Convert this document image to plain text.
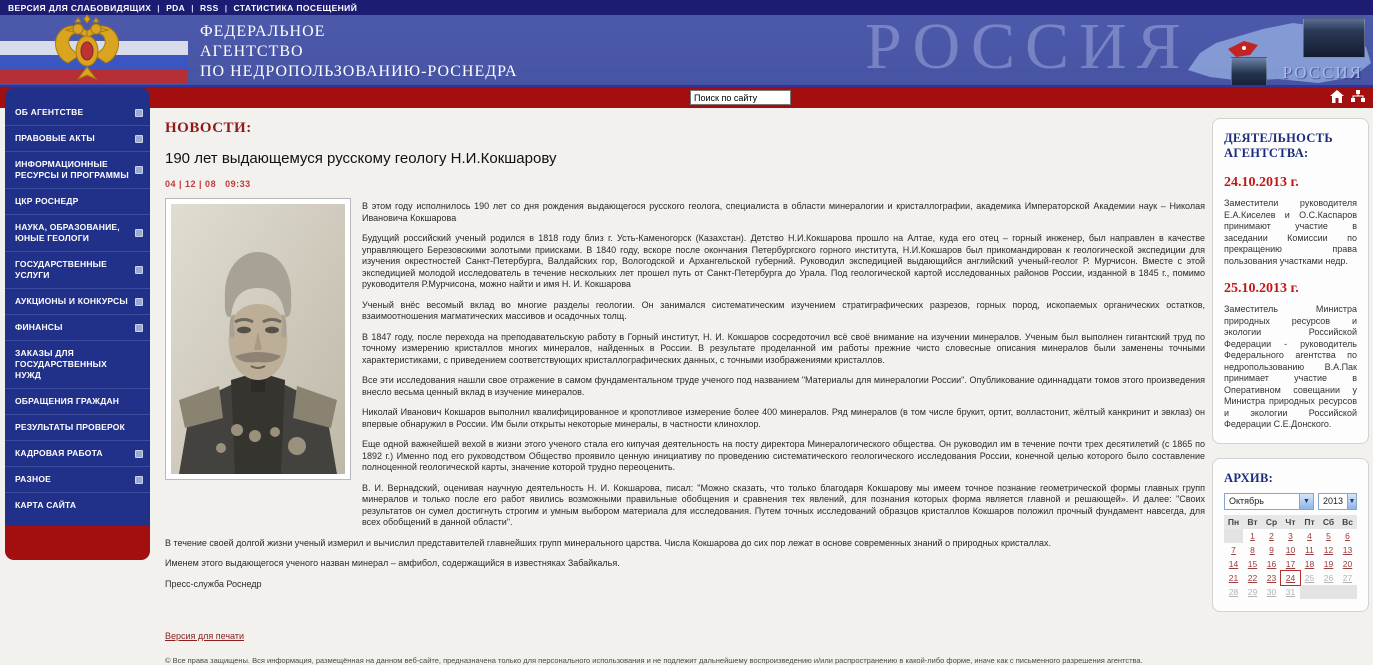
ВЕРСИЯ ДЛЯ СЛАБОВИДЯЩИХ | PDA | RSS | СТАТИСТИКА ПОСЕЩЕНИЙ
РОССИЯ
ФЕДЕРАЛЬНОЕ
АГЕНТСТВО
ПО НЕДРОПОЛЬЗОВАНИЮ-РОСНЕДРА	РОССИЯ
Поиск по сайту
ОБ АГЕНТСТВЕ
ПРАВОВЫЕ АКТЫ
ИНФОРМАЦИОННЫЕ РЕСУРСЫ И ПРОГРАММЫ
ЦКР РОСНЕДР
НАУКА, ОБРАЗОВАНИЕ, ЮНЫЕ ГЕОЛОГИ
ГОСУДАРСТВЕННЫЕ УСЛУГИ
АУКЦИОНЫ И КОНКУРСЫ
ФИНАНСЫ
ЗАКАЗЫ ДЛЯ ГОСУДАРСТВЕННЫХ НУЖД
ОБРАЩЕНИЯ ГРАЖДАН
РЕЗУЛЬТАТЫ ПРОВЕРОК
КАДРОВАЯ РАБОТА
РАЗНОЕ
КАРТА САЙТА
НОВОСТИ:
190 лет выдающемуся русскому геологу Н.И.Кокшарову
04 | 12 | 08 09:33

В этом году исполнилось 190 лет со дня рождения выдающегося русского геолога, специалиста в области минералогии и кристаллографии, академика Императорской Академии наук – Николая Ивановича Кокшарова

Будущий российский ученый родился в 1818 году близ г. Усть-Каменогорск (Казахстан). Детство Н.И.Кокшарова прошло на Алтае, куда его отец – горный инженер, был направлен в качестве управляющего Березовскими золотыми приисками. В 1840 году, вскоре после окончания Петербургского горного института, Н.И.Кокшаров был прикомандирован к геологической экспедиции для изучения окрестностей Санкт-Петербурга, Валдайских гор, Вологодской и Архангельской губерний. Руководил экспедицией выдающийся английский ученый-геолог Р. Мурчисон. Вместе с этой экспедицией молодой исследователь в течение нескольких лет прошел путь от Санкт-Петербурга до Урала. Под геологической картой исследованных районов России, изданной в 1845 г., помимо руководителя Р.Мурчисона, можно найти и имя Н. И. Кокшарова

Ученый внёс весомый вклад во многие разделы геологии. Он занимался систематическим изучением стратиграфических разрезов, горных пород, ископаемых органических остатков, взаимоотношения магматических массивов и осадочных толщ.

В 1847 году, после перехода на преподавательскую работу в Горный институт, Н. И. Кокшаров сосредоточил всё своё внимание на изучении минералов. Ученым был выполнен гигантский труд по точному измерению кристаллов многих минералов, найденных в России. В результате проделанной им работы прежние чисто словесные описания минералов были заменены точными характеристиками, с приведением соответствующих кристаллографических данных, с точными изображениями кристаллов.

Все эти исследования нашли свое отражение в самом фундаментальном труде ученого под названием "Материалы для минералогии России". Опубликование одиннадцати томов этого произведения внесло весьма ценный вклад в изучение минералов.

Николай Иванович Кокшаров выполнил квалифицированное и кропотливое измерение более 400 минералов. Ряд минералов (в том числе брукит, ортит, волластонит, жёлтый канкринит и эвклаз) он впервые обнаружил в России. Им были открыты некоторые минералы, в частности клинохлор.

Еще одной важнейшей вехой в жизни этого ученого стала его кипучая деятельность на посту директора Минералогического общества. Он руководил им в течение почти трех десятилетий (с 1865 по 1892 г.) Именно под его руководством Общество проявило ценную инициативу по проведению систематического геологического исследования России, конечной целью которого было составление полноценной геологической карты, значение которой трудно переоценить.

В. И. Вернадский, оценивая научную деятельность Н. И. Кокшарова, писал: "Можно сказать, что только благодаря Кокшарову мы имеем точное познание геометрической формы главных групп минералов и только после его работ явились возможными правильные обобщения и сравнения тех явлений, для познания которых форма является главной и решающей». И далее: "Своих результатов он сумел достигнуть строгим и умным выбором материала для исследования. Путем точных исследований образцов кристаллов Кокшаров положил прочный фундамент навсегда, для всех обобщений в данной области".

В течение своей долгой жизни ученый измерил и вычислил представителей главнейших групп минерального царства. Числа Кокшарова до сих пор лежат в основе современных знаний о природных кристаллах.

Именем этого выдающегося ученого назван минерал – амфибол, содержащийся в известняках Забайкалья.

Пресс-служба Роснедр
Версия для печати
© Все права защищены. Вся информация, размещённая на данном веб-сайте, предназначена только для персонального использования и не подлежит дальнейшему воспроизведению и/или распространению в какой-либо форме, иначе как с письменного разрешения агентства.
ДЕЯТЕЛЬНОСТЬ
АГЕНТСТВА:
24.10.2013 г.
Заместители руководителя Е.А.Киселев и О.С.Каспаров принимают участие в заседании Комиссии по прекращению права пользования участками недр.
25.10.2013 г.
Заместитель Министра природных ресурсов и экологии Российской Федерации - руководитель Федерального агентства по недропользованию В.А.Пак принимает участие в Оперативном совещании у Министра природных ресурсов и экологии Российской Федерации С.Е.Донского.
АРХИВ:
Октябрь	▼	2013 ▼
Пн	Вт	Ср	Чт	Пт	Сб	Вс
	1	2	3	4	5	6
7	8	9	10	11	12	13
14	15	16	17	18	19	20
21	22	23	24	25	26	27
28	29	30	31			
